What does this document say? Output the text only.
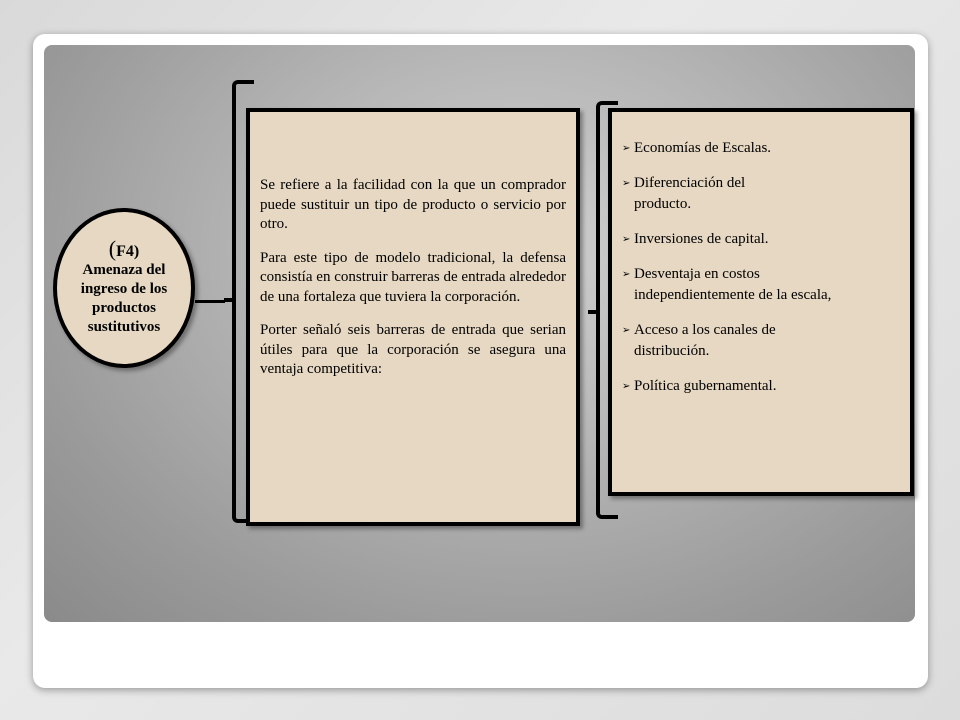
(F4)
Amenaza del ingreso de los productos sustitutivos

Se refiere a la facilidad con la que un comprador puede sustituir un tipo de producto o servicio por otro.

Para este tipo de modelo tradicional, la defensa consistía en construir barreras de entrada alrededor de una fortaleza que tuviera la corporación.

Porter señaló seis barreras de entrada que serian útiles para que la corporación se asegura una ventaja competitiva:

➢ Economías de Escalas.
➢ Diferenciación del producto.
➢ Inversiones de capital.
➢ Desventaja en costos independientemente de la escala,
➢ Acceso a los canales de distribución.
➢ Política gubernamental.
